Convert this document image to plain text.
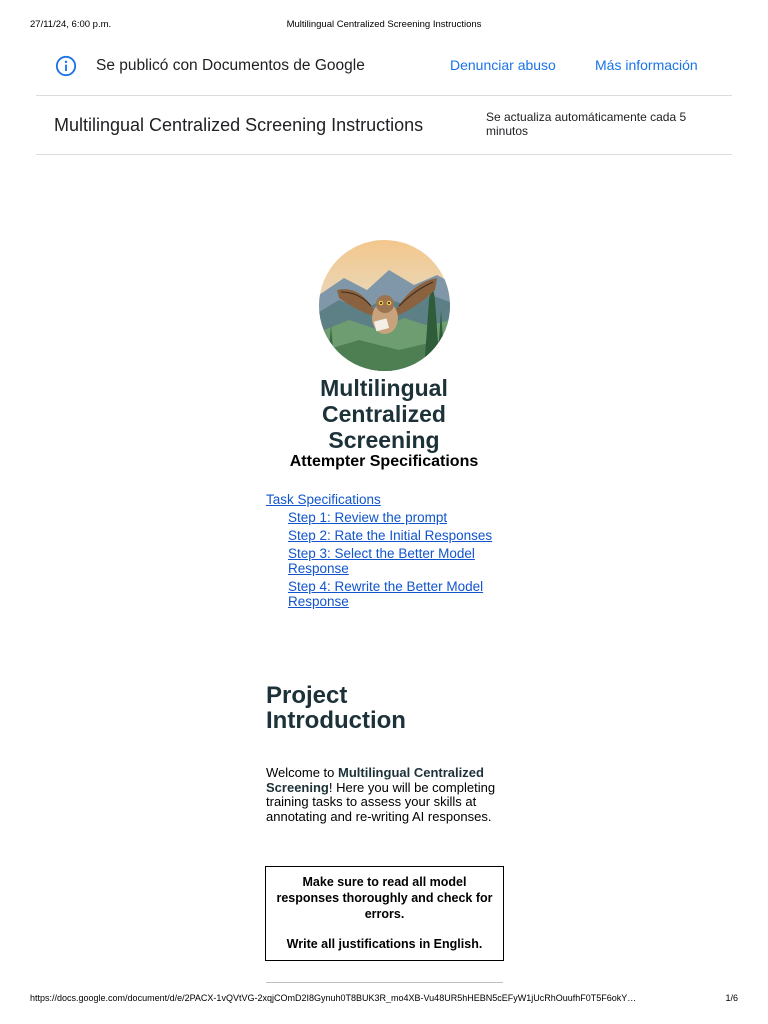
27/11/24, 6:00 p.m.	Multilingual Centralized Screening Instructions
Se publicó con Documentos de Google	Denunciar abuso	Más información
Multilingual Centralized Screening Instructions	Se actualiza automáticamente cada 5 minutos
Multilingual Centralized Screening
Attempter Specifications
Task Specifications
Step 1: Review the prompt
Step 2: Rate the Initial Responses
Step 3: Select the Better Model Response
Step 4: Rewrite the Better Model Response
Project Introduction
Welcome to Multilingual Centralized Screening! Here you will be completing training tasks to assess your skills at annotating and re-writing AI responses.

Make sure to read all model responses thoroughly and check for errors.

Write all justifications in English.

https://docs.google.com/document/d/e/2PACX-1vQVtVG-2xqjCOmD2I8Gynuh0T8BUK3R_mo4XB-Vu48UR5hHEBN5cEFyW1jUcRhOuufhF0T5F6okY…	1/6
